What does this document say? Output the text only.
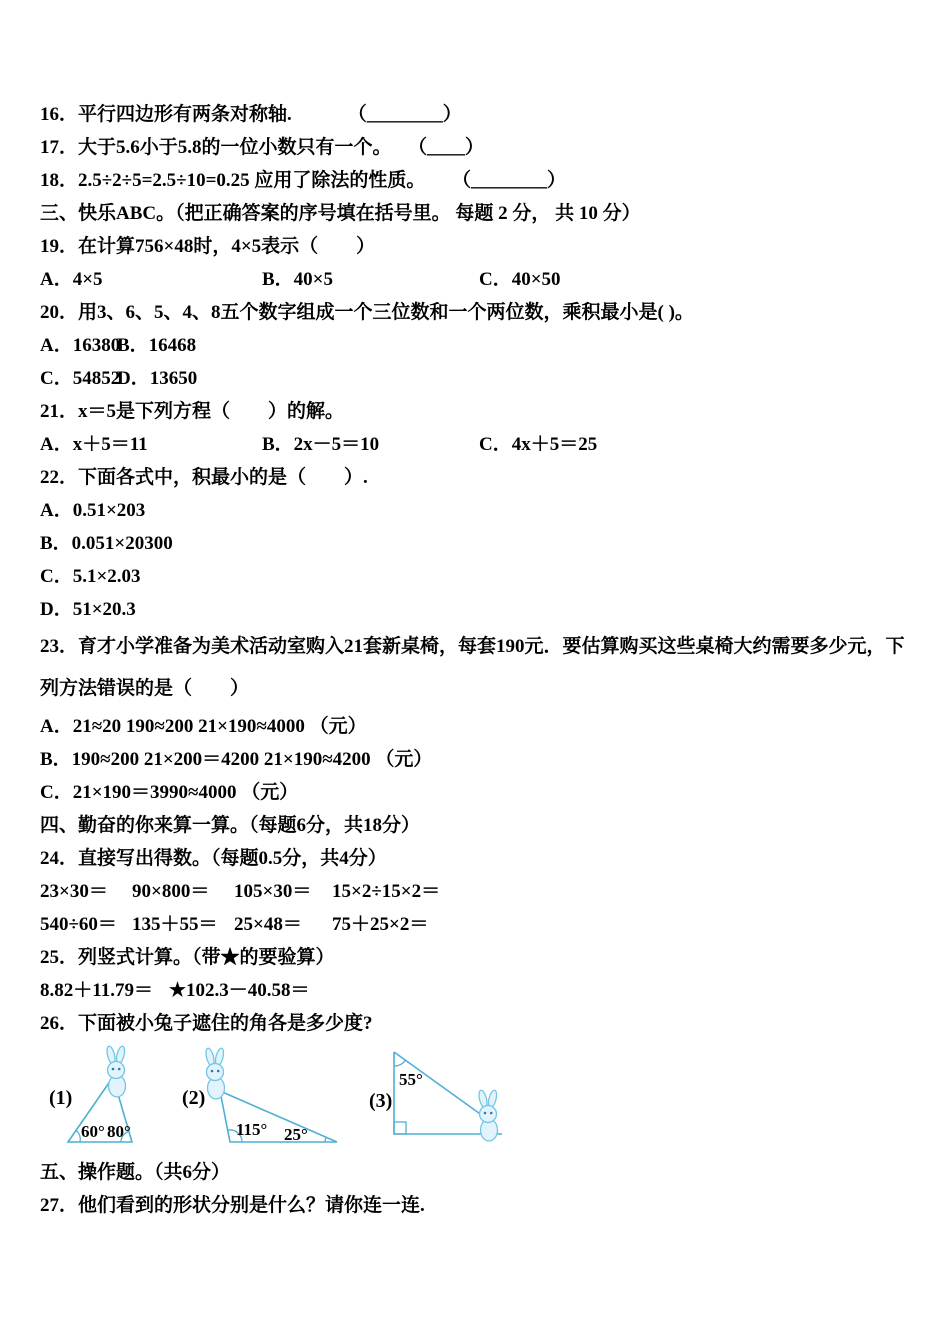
16．平行四边形有两条对称轴.	（________）
17．大于5.6小于5.8的一位小数只有一个。 （____）
18．2.5÷2÷5=2.5÷10=0.25 应用了除法的性质。 （________）
三、快乐ABC。（把正确答案的序号填在括号里。 每题 2 分， 共 10 分）
19．在计算756×48时，4×5表示（　　）
A．4×5	B．40×5	C．40×50
20．用3、6、5、4、8五个数字组成一个三位数和一个两位数，乘积最小是( )。
A．16380B．16468
C．54852D．13650
21．x＝5是下列方程（　　）的解。
A．x＋5＝11	B．2x－5＝10	C．4x＋5＝25
22．下面各式中，积最小的是（　　）.
A．0.51×203
B．0.051×20300
C．5.1×2.03
D．51×20.3
23．育才小学准备为美术活动室购入21套新桌椅，每套190元．要估算购买这些桌椅大约需要多少元，下列方法错误的是（　　）
A．21≈20 190≈200 21×190≈4000 （元）
B．190≈200 21×200＝4200 21×190≈4200 （元）
C．21×190＝3990≈4000 （元）
四、勤奋的你来算一算。（每题6分，共18分）
24．直接写出得数。（每题0.5分，共4分）
23×30＝ 90×800＝ 105×30＝ 15×2÷15×2＝
540÷60＝ 135＋55＝ 25×48＝ 75＋25×2＝
25．列竖式计算。（带★的要验算）
8.82＋11.79＝ ★102.3－40.58＝
26．下面被小兔子遮住的角各是多少度?
(1)
60° 80°
(2)
115° 25°
(3)
55°
五、操作题。（共6分）
27．他们看到的形状分别是什么？请你连一连.
